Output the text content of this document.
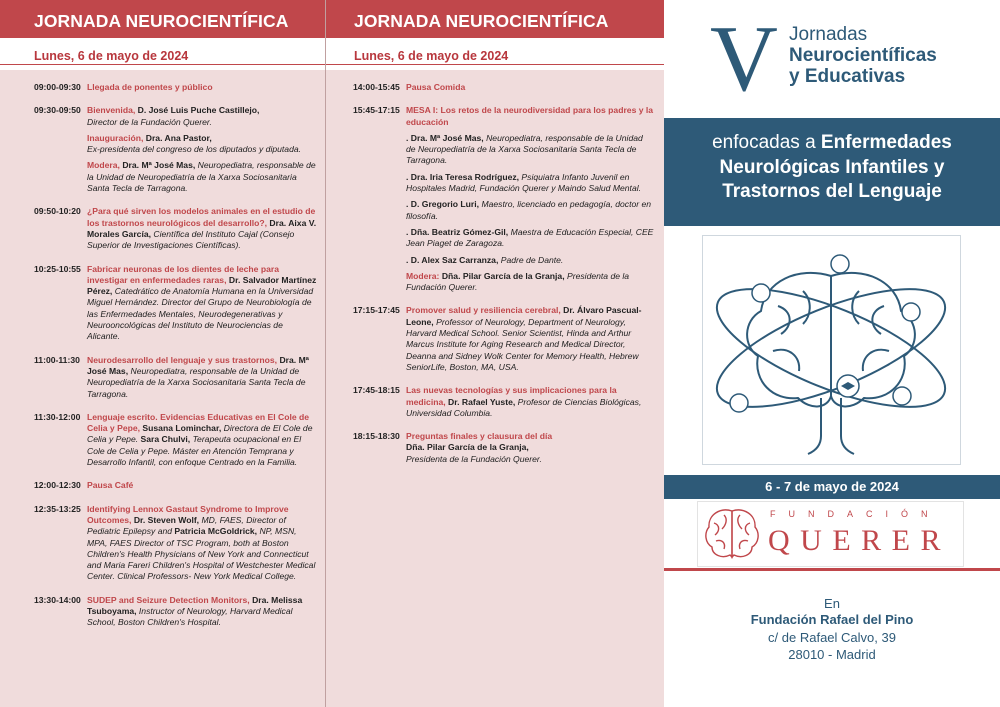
JORNADA NEUROCIENTÍFICA
Lunes, 6 de mayo de 2024
09:00-09:30 Llegada de ponentes y público
09:30-09:50 Bienvenida, D. José Luis Puche Castillejo,
Director de la Fundación Querer.
Inauguración, Dra. Ana Pastor,
Ex-presidenta del congreso de los diputados y diputada.
Modera, Dra. Mª José Mas, Neuropediatra, responsable de la Unidad de Neuropediatría de la Xarxa Sociosanitaria Santa Tecla de Tarragona.
09:50-10:20 ¿Para qué sirven los modelos animales en el estudio de los trastornos neurológicos del desarrollo?, Dra. Aixa V. Morales García, Científica del Instituto Cajal (Consejo Superior de Investigaciones Científicas).
10:25-10:55 Fabricar neuronas de los dientes de leche para investigar en enfermedades raras, Dr. Salvador Martínez Pérez, Catedrático de Anatomía Humana en la Universidad Miguel Hernández. Director del Grupo de Neurobiología de las Enfermedades Mentales, Neurodegenerativas y Neurooncológicas del Instituto de Neurociencias de Alicante.
11:00-11:30 Neurodesarrollo del lenguaje y sus trastornos, Dra. Mª José Mas, Neuropediatra, responsable de la Unidad de Neuropediatría de la Xarxa Sociosanitaria Santa Tecla de Tarragona.
11:30-12:00 Lenguaje escrito. Evidencias Educativas en El Cole de Celia y Pepe, Susana Lominchar, Directora de El Cole de Celia y Pepe. Sara Chulvi, Terapeuta ocupacional en El Cole de Celia y Pepe. Máster en Atención Temprana y Desarrollo Infantil, con enfoque Centrado en la Familia.
12:00-12:30 Pausa Café
12:35-13:25 Identifying Lennox Gastaut Syndrome to Improve Outcomes, Dr. Steven Wolf, MD, FAES, Director of Pediatric Epilepsy and Patricia McGoldrick, NP, MSN, MPA, FAES Director of TSC Program, both at Boston Children's Health Physicians of New York and Connecticut and Maria Fareri Children's Hospital of Westchester Medical Center. Clinical Professors- New York Medical College.
13:30-14:00 SUDEP and Seizure Detection Monitors, Dra. Melissa Tsuboyama, Instructor of Neurology, Harvard Medical School, Boston Children's Hospital.
JORNADA NEUROCIENTÍFICA
Lunes, 6 de mayo de 2024
14:00-15:45 Pausa Comida
15:45-17:15 MESA I: Los retos de la neurodiversidad para los padres y la educación
. Dra. Mª José Mas, Neuropediatra, responsable de la Unidad de Neuropediatría de la Xarxa Sociosanitaria Santa Tecla de Tarragona.
. Dra. Iria Teresa Rodríguez, Psiquiatra Infanto Juvenil en Hospitales Madrid, Fundación Querer y Maindo Salud Mental.
. D. Gregorio Luri, Maestro, licenciado en pedagogía, doctor en filosofía.
. Dña. Beatriz Gómez-Gil, Maestra de Educación Especial, CEE Jean Piaget de Zaragoza.
. D. Alex Saz Carranza, Padre de Dante.
Modera: Dña. Pilar García de la Granja, Presidenta de la Fundación Querer.
17:15-17:45 Promover salud y resiliencia cerebral, Dr. Álvaro Pascual- Leone, Professor of Neurology, Department of Neurology, Harvard Medical School. Senior Scientist, Hinda and Arthur Marcus Institute for Aging Research and Medical Director, Deanna and Sidney Wolk Center for Memory Health, Hebrew SeniorLife, Boston, MA, USA.
17:45-18:15 Las nuevas tecnologías y sus implicaciones para la medicina, Dr. Rafael Yuste, Profesor de Ciencias Biológicas, Universidad Columbia.
18:15-18:30 Preguntas finales y clausura del día
Dña. Pilar García de la Granja,
Presidenta de la Fundación Querer.
V Jornadas
Neurocientíficas
y Educativas
enfocadas a Enfermedades
Neurológicas Infantiles y
Trastornos del Lenguaje
6 - 7 de mayo de 2024
FUNDACIÓN
QUERER
En
Fundación Rafael del Pino
c/ de Rafael Calvo, 39
28010 - Madrid
